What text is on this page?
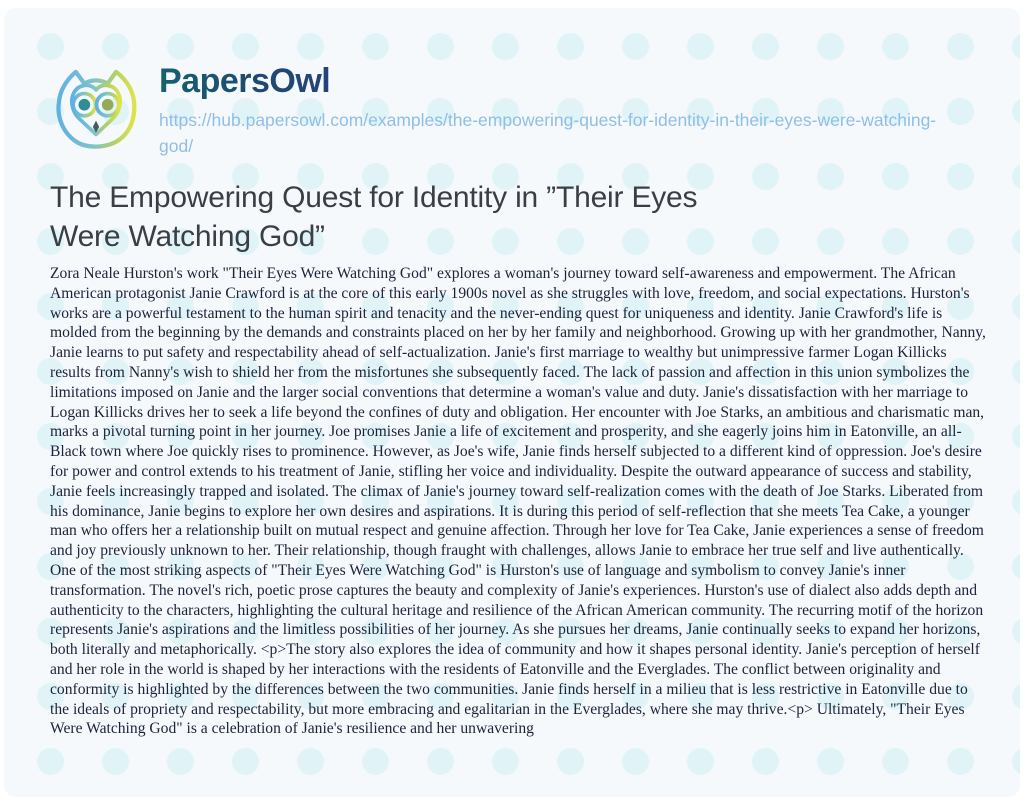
PapersOwl
https://hub.papersowl.com/examples/the-empowering-quest-for-identity-in-their-eyes-were-watching-god/
The Empowering Quest for Identity in ”Their Eyes Were Watching God”

Zora Neale Hurston's work "Their Eyes Were Watching God" explores a woman's journey toward self-awareness and empowerment. The African American protagonist Janie Crawford is at the core of this early 1900s novel as she struggles with love, freedom, and social expectations. Hurston's works are a powerful testament to the human spirit and tenacity and the never-ending quest for uniqueness and identity. Janie Crawford's life is molded from the beginning by the demands and constraints placed on her by her family and neighborhood. Growing up with her grandmother, Nanny, Janie learns to put safety and respectability ahead of self-actualization. Janie's first marriage to wealthy but unimpressive farmer Logan Killicks results from Nanny's wish to shield her from the misfortunes she subsequently faced. The lack of passion and affection in this union symbolizes the limitations imposed on Janie and the larger social conventions that determine a woman's value and duty. Janie's dissatisfaction with her marriage to Logan Killicks drives her to seek a life beyond the confines of duty and obligation. Her encounter with Joe Starks, an ambitious and charismatic man, marks a pivotal turning point in her journey. Joe promises Janie a life of excitement and prosperity, and she eagerly joins him in Eatonville, an all-Black town where Joe quickly rises to prominence. However, as Joe's wife, Janie finds herself subjected to a different kind of oppression. Joe's desire for power and control extends to his treatment of Janie, stifling her voice and individuality. Despite the outward appearance of success and stability, Janie feels increasingly trapped and isolated. The climax of Janie's journey toward self-realization comes with the death of Joe Starks. Liberated from his dominance, Janie begins to explore her own desires and aspirations. It is during this period of self-reflection that she meets Tea Cake, a younger man who offers her a relationship built on mutual respect and genuine affection. Through her love for Tea Cake, Janie experiences a sense of freedom and joy previously unknown to her. Their relationship, though fraught with challenges, allows Janie to embrace her true self and live authentically. One of the most striking aspects of "Their Eyes Were Watching God" is Hurston's use of language and symbolism to convey Janie's inner transformation. The novel's rich, poetic prose captures the beauty and complexity of Janie's experiences. Hurston's use of dialect also adds depth and authenticity to the characters, highlighting the cultural heritage and resilience of the African American community. The recurring motif of the horizon represents Janie's aspirations and the limitless possibilities of her journey. As she pursues her dreams, Janie continually seeks to expand her horizons, both literally and metaphorically. <p>The story also explores the idea of community and how it shapes personal identity. Janie's perception of herself and her role in the world is shaped by her interactions with the residents of Eatonville and the Everglades. The conflict between originality and conformity is highlighted by the differences between the two communities. Janie finds herself in a milieu that is less restrictive in Eatonville due to the ideals of propriety and respectability, but more embracing and egalitarian in the Everglades, where she may thrive.<p> Ultimately, "Their Eyes Were Watching God" is a celebration of Janie's resilience and her unwavering
